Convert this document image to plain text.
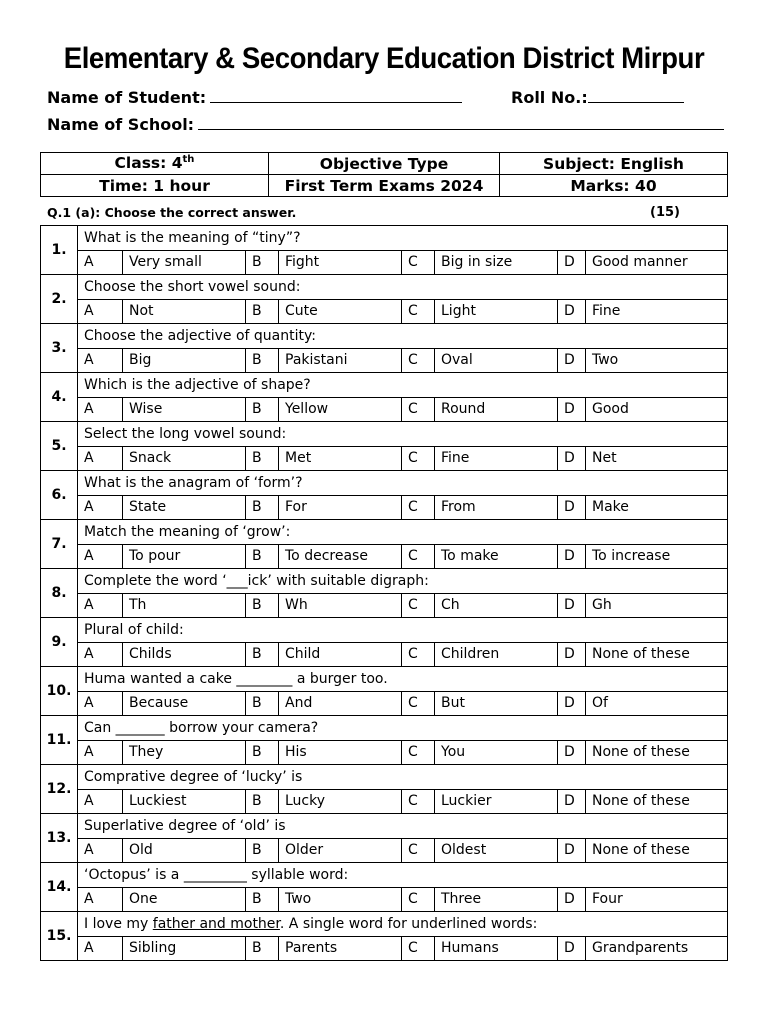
Elementary & Secondary Education District Mirpur
Name of Student:	Roll No.:
Name of School:
Class: 4th	Objective Type	Subject: English
Time: 1 hour	First Term Exams 2024	Marks: 40
Q.1 (a): Choose the correct answer.	(15)
1.	What is the meaning of “tiny”?							
	A	Very small	B	Fight	C	Big in size	D	Good manner
2.	Choose the short vowel sound:							
	A	Not	B	Cute	C	Light	D	Fine
3.	Choose the adjective of quantity:							
	A	Big	B	Pakistani	C	Oval	D	Two
4.	Which is the adjective of shape?							
	A	Wise	B	Yellow	C	Round	D	Good
5.	Select the long vowel sound:							
	A	Snack	B	Met	C	Fine	D	Net
6.	What is the anagram of ‘form’?							
	A	State	B	For	C	From	D	Make
7.	Match the meaning of ‘grow’:							
	A	To pour	B	To decrease	C	To make	D	To increase
8.	Complete the word ‘___ick’ with suitable digraph:							
	A	Th	B	Wh	C	Ch	D	Gh
9.	Plural of child:							
	A	Childs	B	Child	C	Children	D	None of these
10.	Huma wanted a cake ________ a burger too.							
	A	Because	B	And	C	But	D	Of
11.	Can _______ borrow your camera?							
	A	They	B	His	C	You	D	None of these
12.	Comprative degree of ‘lucky’ is							
	A	Luckiest	B	Lucky	C	Luckier	D	None of these
13.	Superlative degree of ‘old’ is							
	A	Old	B	Older	C	Oldest	D	None of these
14.	‘Octopus’ is a _________ syllable word:							
	A	One	B	Two	C	Three	D	Four
15.	I love my father and mother. A single word for underlined words:							
	A	Sibling	B	Parents	C	Humans	D	Grandparents
